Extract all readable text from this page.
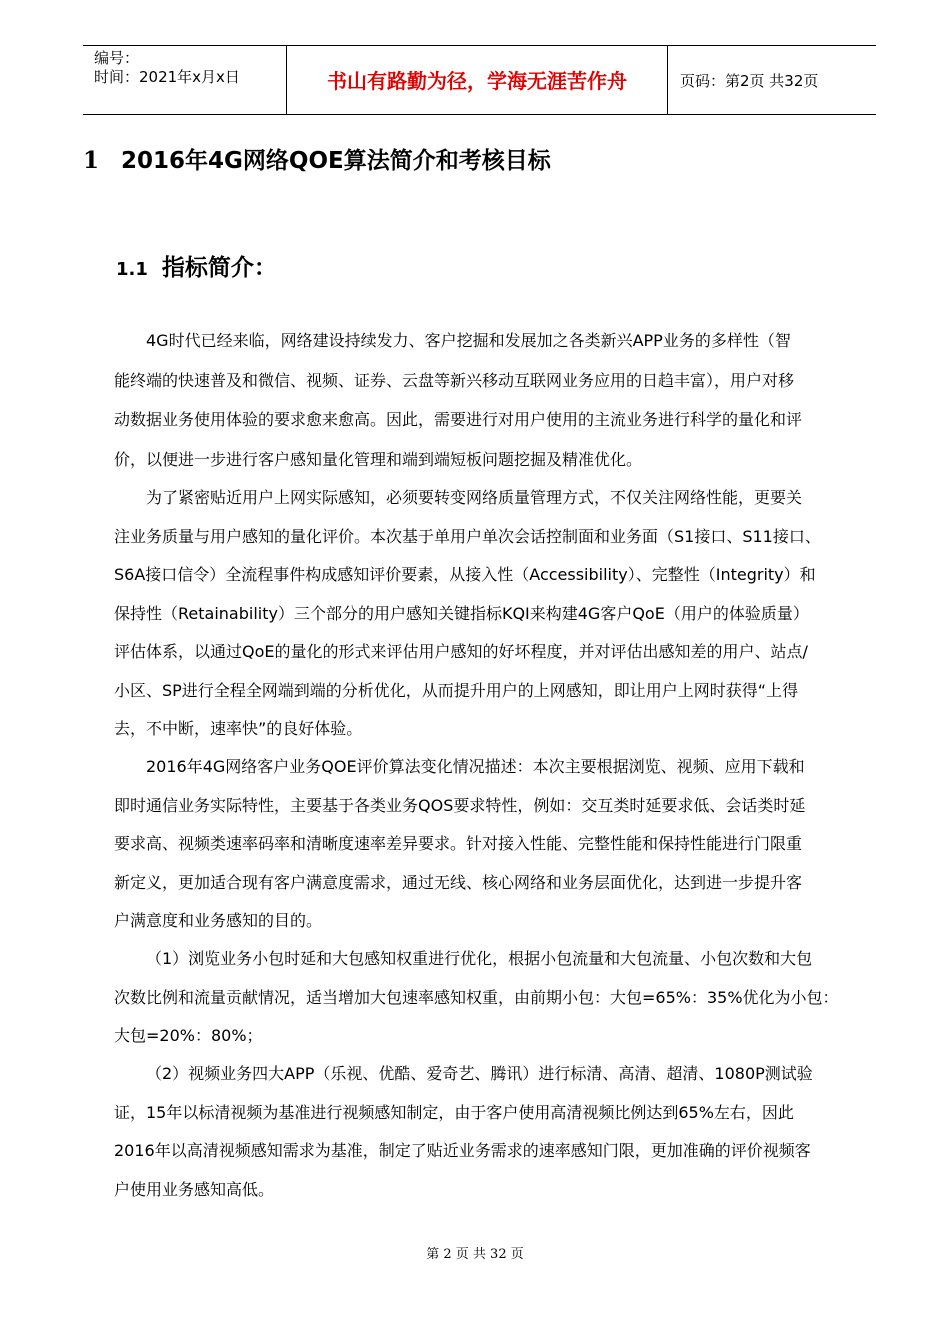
编号：
时间：2021年x月x日	书山有路勤为径，学海无涯苦作舟	页码：第2页 共32页
1 2016年4G网络QOE算法简介和考核目标
1.1 指标简介：
4G时代已经来临，网络建设持续发力、客户挖掘和发展加之各类新兴APP业务的多样性（智
能终端的快速普及和微信、视频、证券、云盘等新兴移动互联网业务应用的日趋丰富），用户对移
动数据业务使用体验的要求愈来愈高。因此，需要进行对用户使用的主流业务进行科学的量化和评
价，以便进一步进行客户感知量化管理和端到端短板问题挖掘及精准优化。
为了紧密贴近用户上网实际感知，必须要转变网络质量管理方式，不仅关注网络性能，更要关
注业务质量与用户感知的量化评价。本次基于单用户单次会话控制面和业务面（S1接口、S11接口、
S6A接口信令）全流程事件构成感知评价要素，从接入性（Accessibility）、完整性（Integrity）和
保持性（Retainability）三个部分的用户感知关键指标KQI来构建4G客户QoE（用户的体验质量）
评估体系，以通过QoE的量化的形式来评估用户感知的好坏程度，并对评估出感知差的用户、站点/
小区、SP进行全程全网端到端的分析优化，从而提升用户的上网感知，即让用户上网时获得“上得
去，不中断，速率快”的良好体验。
2016年4G网络客户业务QOE评价算法变化情况描述：本次主要根据浏览、视频、应用下载和
即时通信业务实际特性，主要基于各类业务QOS要求特性，例如：交互类时延要求低、会话类时延
要求高、视频类速率码率和清晰度速率差异要求。针对接入性能、完整性能和保持性能进行门限重
新定义，更加适合现有客户满意度需求，通过无线、核心网络和业务层面优化，达到进一步提升客
户满意度和业务感知的目的。
（1）浏览业务小包时延和大包感知权重进行优化，根据小包流量和大包流量、小包次数和大包
次数比例和流量贡献情况，适当增加大包速率感知权重，由前期小包：大包=65%：35%优化为小包：
大包=20%：80%；
（2）视频业务四大APP（乐视、优酷、爱奇艺、腾讯）进行标清、高清、超清、1080P测试验
证，15年以标清视频为基准进行视频感知制定，由于客户使用高清视频比例达到65%左右，因此
2016年以高清视频感知需求为基准，制定了贴近业务需求的速率感知门限，更加准确的评价视频客
户使用业务感知高低。
第 2 页 共 32 页
